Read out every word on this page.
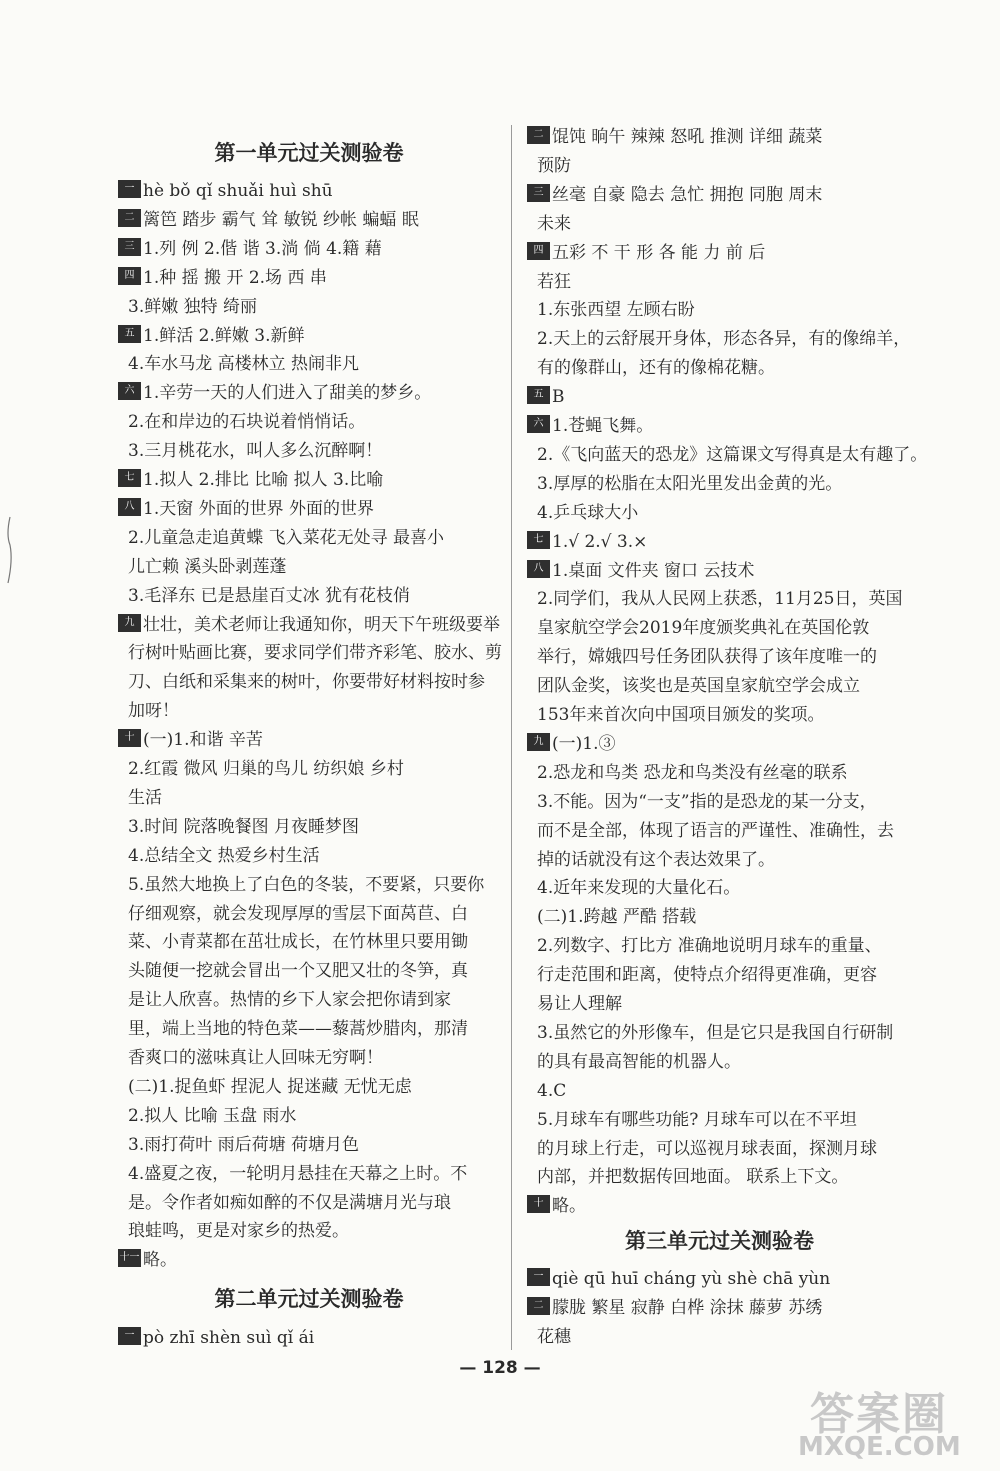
第一单元过关测验卷
一 hè bǒ qǐ shuǎi huì shū
二 篱笆 踏步 霸气 耸 敏锐 纱帐 蝙蝠 眠
三 1.列 例 2.偕 谐 3.淌 倘 4.籍 藉
四 1.种 摇 搬 开 2.场 西 串
3.鲜嫩 独特 绮丽
五 1.鲜活 2.鲜嫩 3.新鲜
4.车水马龙 高楼林立 热闹非凡
六 1.辛劳一天的人们进入了甜美的梦乡。
2.在和岸边的石块说着悄悄话。
3.三月桃花水，叫人多么沉醉啊！
七 1.拟人 2.排比 比喻 拟人 3.比喻
八 1.天窗 外面的世界 外面的世界
2.儿童急走追黄蝶 飞入菜花无处寻 最喜小
儿亡赖 溪头卧剥莲蓬
3.毛泽东 已是悬崖百丈冰 犹有花枝俏
九 壮壮，美术老师让我通知你，明天下午班级要举
行树叶贴画比赛，要求同学们带齐彩笔、胶水、剪
刀、白纸和采集来的树叶，你要带好材料按时参
加呀！
十 (一)1.和谐 辛苦
2.红霞 微风 归巢的鸟儿 纺织娘 乡村
生活
3.时间 院落晚餐图 月夜睡梦图
4.总结全文 热爱乡村生活
5.虽然大地换上了白色的冬装，不要紧，只要你
仔细观察，就会发现厚厚的雪层下面莴苣、白
菜、小青菜都在茁壮成长，在竹林里只要用锄
头随便一挖就会冒出一个又肥又壮的冬笋，真
是让人欣喜。热情的乡下人家会把你请到家
里，端上当地的特色菜——藜蒿炒腊肉，那清
香爽口的滋味真让人回味无穷啊！
(二)1.捉鱼虾 捏泥人 捉迷藏 无忧无虑
2.拟人 比喻 玉盘 雨水
3.雨打荷叶 雨后荷塘 荷塘月色
4.盛夏之夜，一轮明月悬挂在天幕之上时。不
是。令作者如痴如醉的不仅是满塘月光与琅
琅蛙鸣，更是对家乡的热爱。
十一 略。
第二单元过关测验卷
一 pò zhī shèn suì qǐ ái
二 馄饨 晌午 辣辣 怒吼 推测 详细 蔬菜
预防
三 丝毫 自豪 隐去 急忙 拥抱 同胞 周末
未来
四 五彩 不 干 形 各 能 力 前 后
若狂
1.东张西望 左顾右盼
2.天上的云舒展开身体，形态各异，有的像绵羊，
有的像群山，还有的像棉花糖。
五 B
六 1.苍蝇飞舞。
2.《飞向蓝天的恐龙》这篇课文写得真是太有趣了。
3.厚厚的松脂在太阳光里发出金黄的光。
4.乒乓球大小
七 1.√ 2.√ 3.×
八 1.桌面 文件夹 窗口 云技术
2.同学们，我从人民网上获悉，11月25日，英国
皇家航空学会2019年度颁奖典礼在英国伦敦
举行，嫦娥四号任务团队获得了该年度唯一的
团队金奖，该奖也是英国皇家航空学会成立
153年来首次向中国项目颁发的奖项。
九 (一)1.③
2.恐龙和鸟类 恐龙和鸟类没有丝毫的联系
3.不能。因为“一支”指的是恐龙的某一分支，
而不是全部，体现了语言的严谨性、准确性，去
掉的话就没有这个表达效果了。
4.近年来发现的大量化石。
(二)1.跨越 严酷 搭载
2.列数字、打比方 准确地说明月球车的重量、
行走范围和距离，使特点介绍得更准确，更容
易让人理解
3.虽然它的外形像车，但是它只是我国自行研制
的具有最高智能的机器人。
4.C
5.月球车有哪些功能? 月球车可以在不平坦
的月球上行走，可以巡视月球表面，探测月球
内部，并把数据传回地面。 联系上下文。
十 略。
第三单元过关测验卷
一 qiè qū huī chánɡ yù shè chā yùn
二 朦胧 繁星 寂静 白桦 涂抹 藤萝 苏绣
花穗
— 128 —
答案圈
MXQE.COM
